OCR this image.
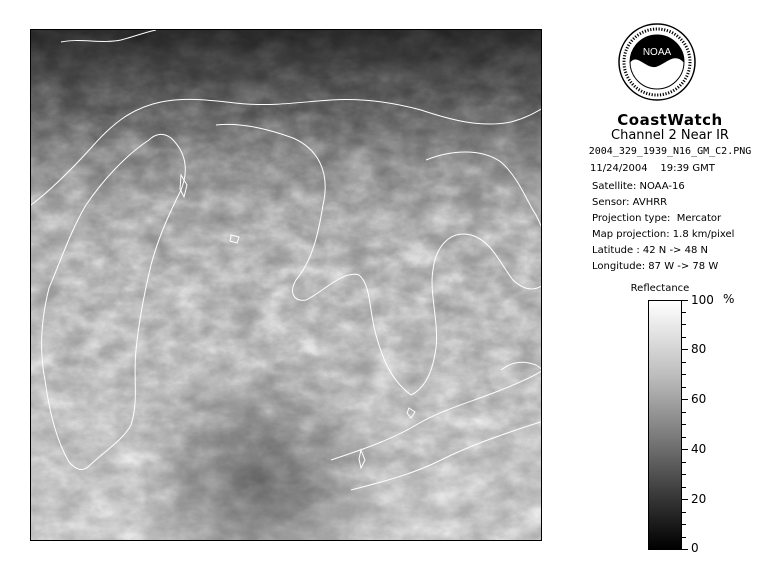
NOAA
CoastWatch
Channel 2 Near IR
2004_329_1939_N16_GM_C2.PNG
11/24/2004    19:39 GMT
Satellite: NOAA-16
Sensor: AVHRR
Projection type:  Mercator
Map projection: 1.8 km/pixel
Latitude : 42 N -> 48 N
Longitude: 87 W -> 78 W
Reflectance
%
100
80
60
40
20
0
